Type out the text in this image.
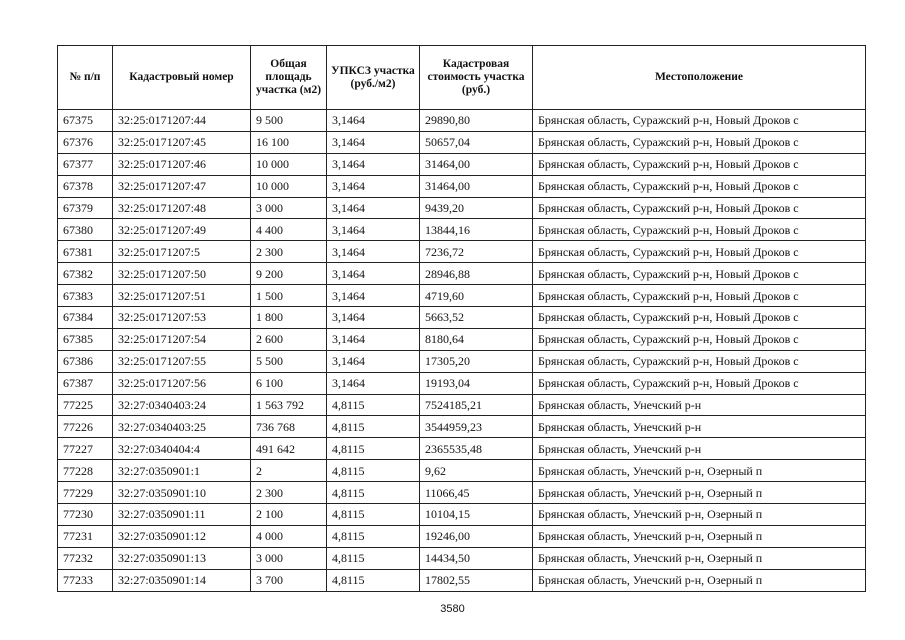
№ п/п	Кадастровый номер	Общая площадь участка (м2)	УПКСЗ участка (руб./м2)	Кадастровая стоимость участка (руб.)	Местоположение
67375	32:25:0171207:44	9 500	3,1464	29890,80	Брянская область, Суражский р-н, Новый Дроков с
67376	32:25:0171207:45	16 100	3,1464	50657,04	Брянская область, Суражский р-н, Новый Дроков с
67377	32:25:0171207:46	10 000	3,1464	31464,00	Брянская область, Суражский р-н, Новый Дроков с
67378	32:25:0171207:47	10 000	3,1464	31464,00	Брянская область, Суражский р-н, Новый Дроков с
67379	32:25:0171207:48	3 000	3,1464	9439,20	Брянская область, Суражский р-н, Новый Дроков с
67380	32:25:0171207:49	4 400	3,1464	13844,16	Брянская область, Суражский р-н, Новый Дроков с
67381	32:25:0171207:5	2 300	3,1464	7236,72	Брянская область, Суражский р-н, Новый Дроков с
67382	32:25:0171207:50	9 200	3,1464	28946,88	Брянская область, Суражский р-н, Новый Дроков с
67383	32:25:0171207:51	1 500	3,1464	4719,60	Брянская область, Суражский р-н, Новый Дроков с
67384	32:25:0171207:53	1 800	3,1464	5663,52	Брянская область, Суражский р-н, Новый Дроков с
67385	32:25:0171207:54	2 600	3,1464	8180,64	Брянская область, Суражский р-н, Новый Дроков с
67386	32:25:0171207:55	5 500	3,1464	17305,20	Брянская область, Суражский р-н, Новый Дроков с
67387	32:25:0171207:56	6 100	3,1464	19193,04	Брянская область, Суражский р-н, Новый Дроков с
77225	32:27:0340403:24	1 563 792	4,8115	7524185,21	Брянская область, Унечский р-н
77226	32:27:0340403:25	736 768	4,8115	3544959,23	Брянская область, Унечский р-н
77227	32:27:0340404:4	491 642	4,8115	2365535,48	Брянская область, Унечский р-н
77228	32:27:0350901:1	2	4,8115	9,62	Брянская область, Унечский р-н, Озерный п
77229	32:27:0350901:10	2 300	4,8115	11066,45	Брянская область, Унечский р-н, Озерный п
77230	32:27:0350901:11	2 100	4,8115	10104,15	Брянская область, Унечский р-н, Озерный п
77231	32:27:0350901:12	4 000	4,8115	19246,00	Брянская область, Унечский р-н, Озерный п
77232	32:27:0350901:13	3 000	4,8115	14434,50	Брянская область, Унечский р-н, Озерный п
77233	32:27:0350901:14	3 700	4,8115	17802,55	Брянская область, Унечский р-н, Озерный п
3580
